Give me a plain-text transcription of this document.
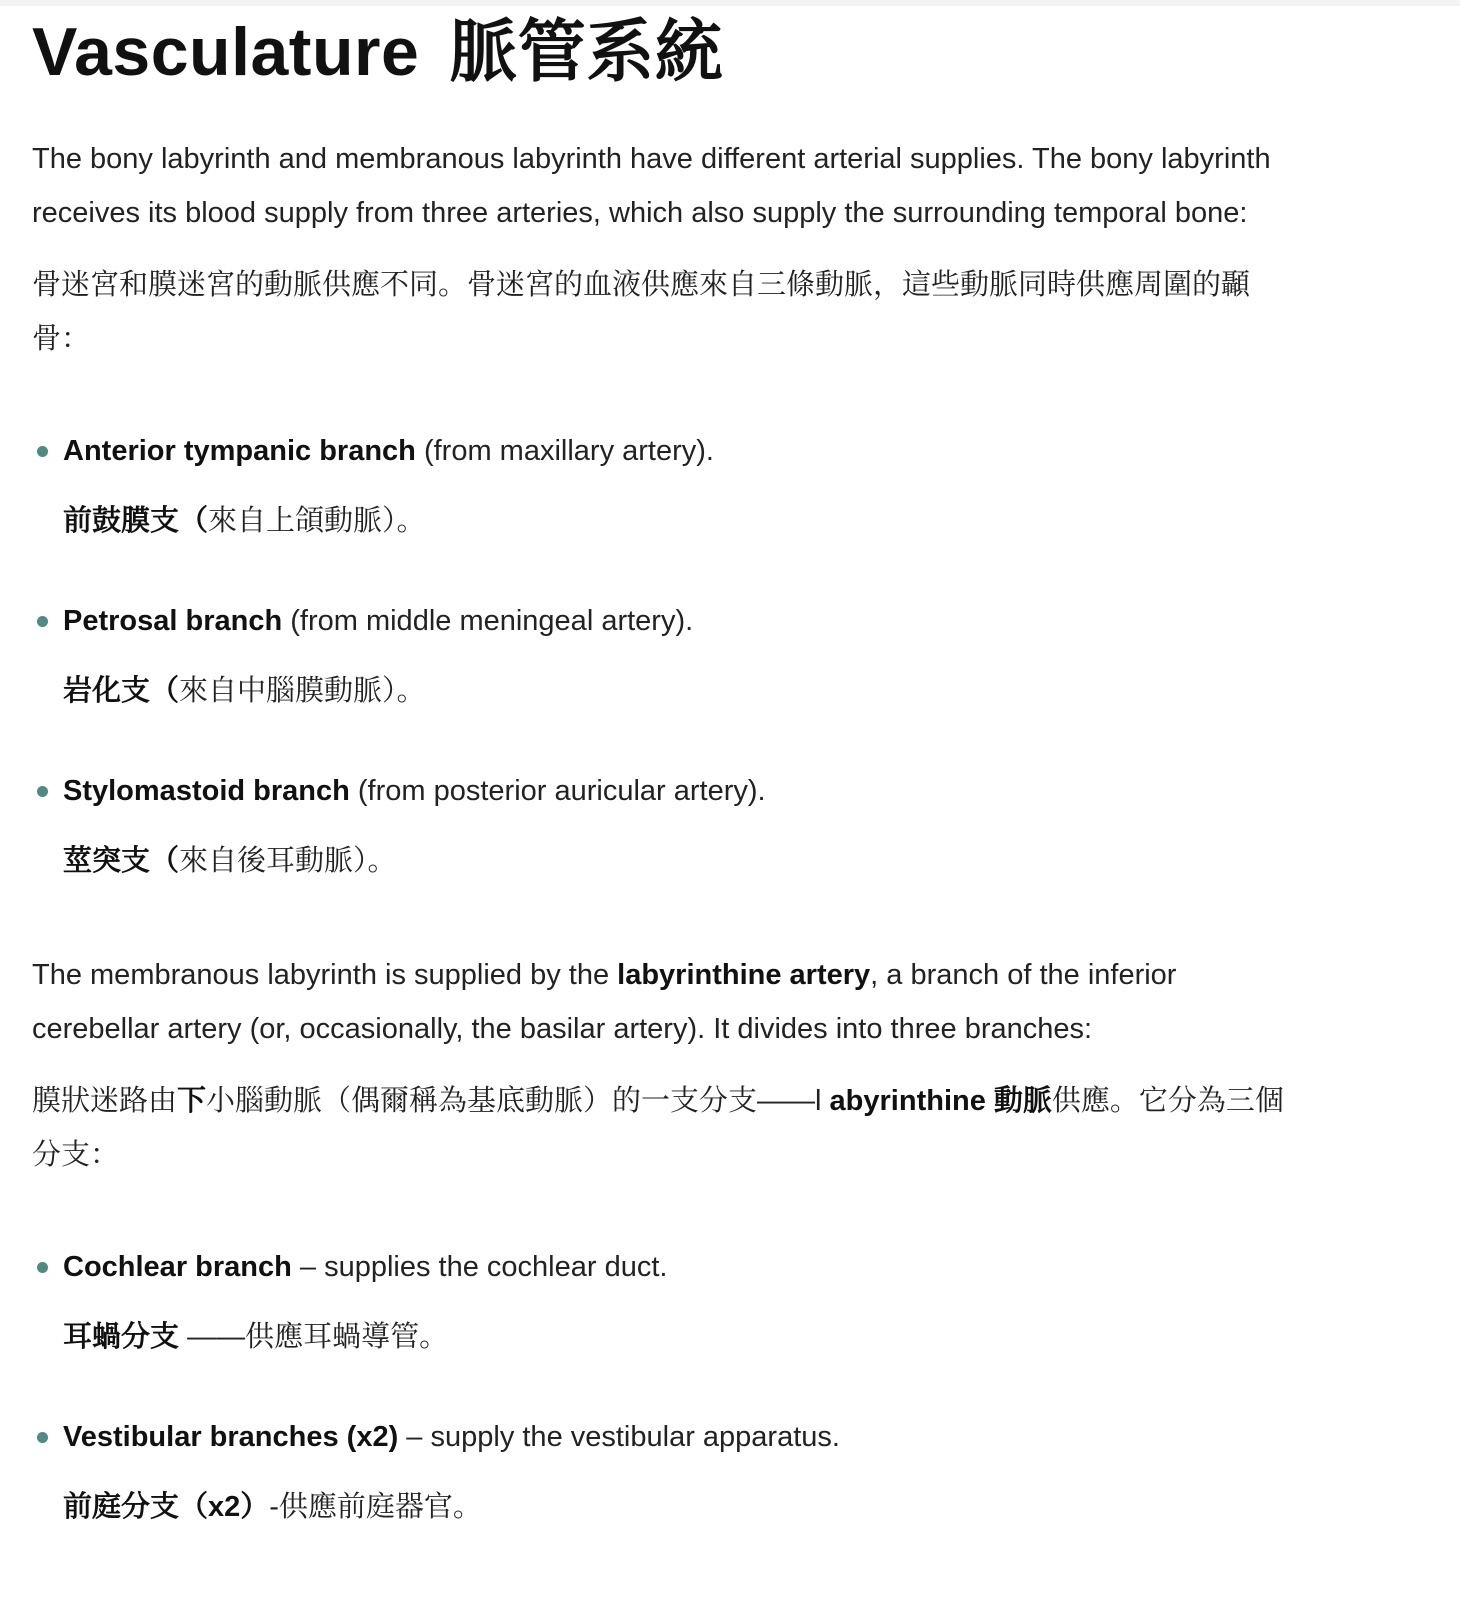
Vasculature 脈管系統

The bony labyrinth and membranous labyrinth have different arterial supplies. The bony labyrinth receives its blood supply from three arteries, which also supply the surrounding temporal bone:

骨迷宮和膜迷宮的動脈供應不同。骨迷宮的血液供應來自三條動脈，這些動脈同時供應周圍的顳骨：

Anterior tympanic branch (from maxillary artery).
前鼓膜支（來自上頜動脈）。
Petrosal branch (from middle meningeal artery).
岩化支（來自中腦膜動脈）。
Stylomastoid branch (from posterior auricular artery).
莖突支（來自後耳動脈）。

The membranous labyrinth is supplied by the labyrinthine artery, a branch of the inferior cerebellar artery (or, occasionally, the basilar artery). It divides into three branches:

膜狀迷路由下小腦動脈（偶爾稱為基底動脈）的一支分支——l abyrinthine 動脈供應。它分為三個分支：

Cochlear branch – supplies the cochlear duct.
耳蝸分支 ——供應耳蝸導管。
Vestibular branches (x2) – supply the vestibular apparatus.
前庭分支（x2）-供應前庭器官。
